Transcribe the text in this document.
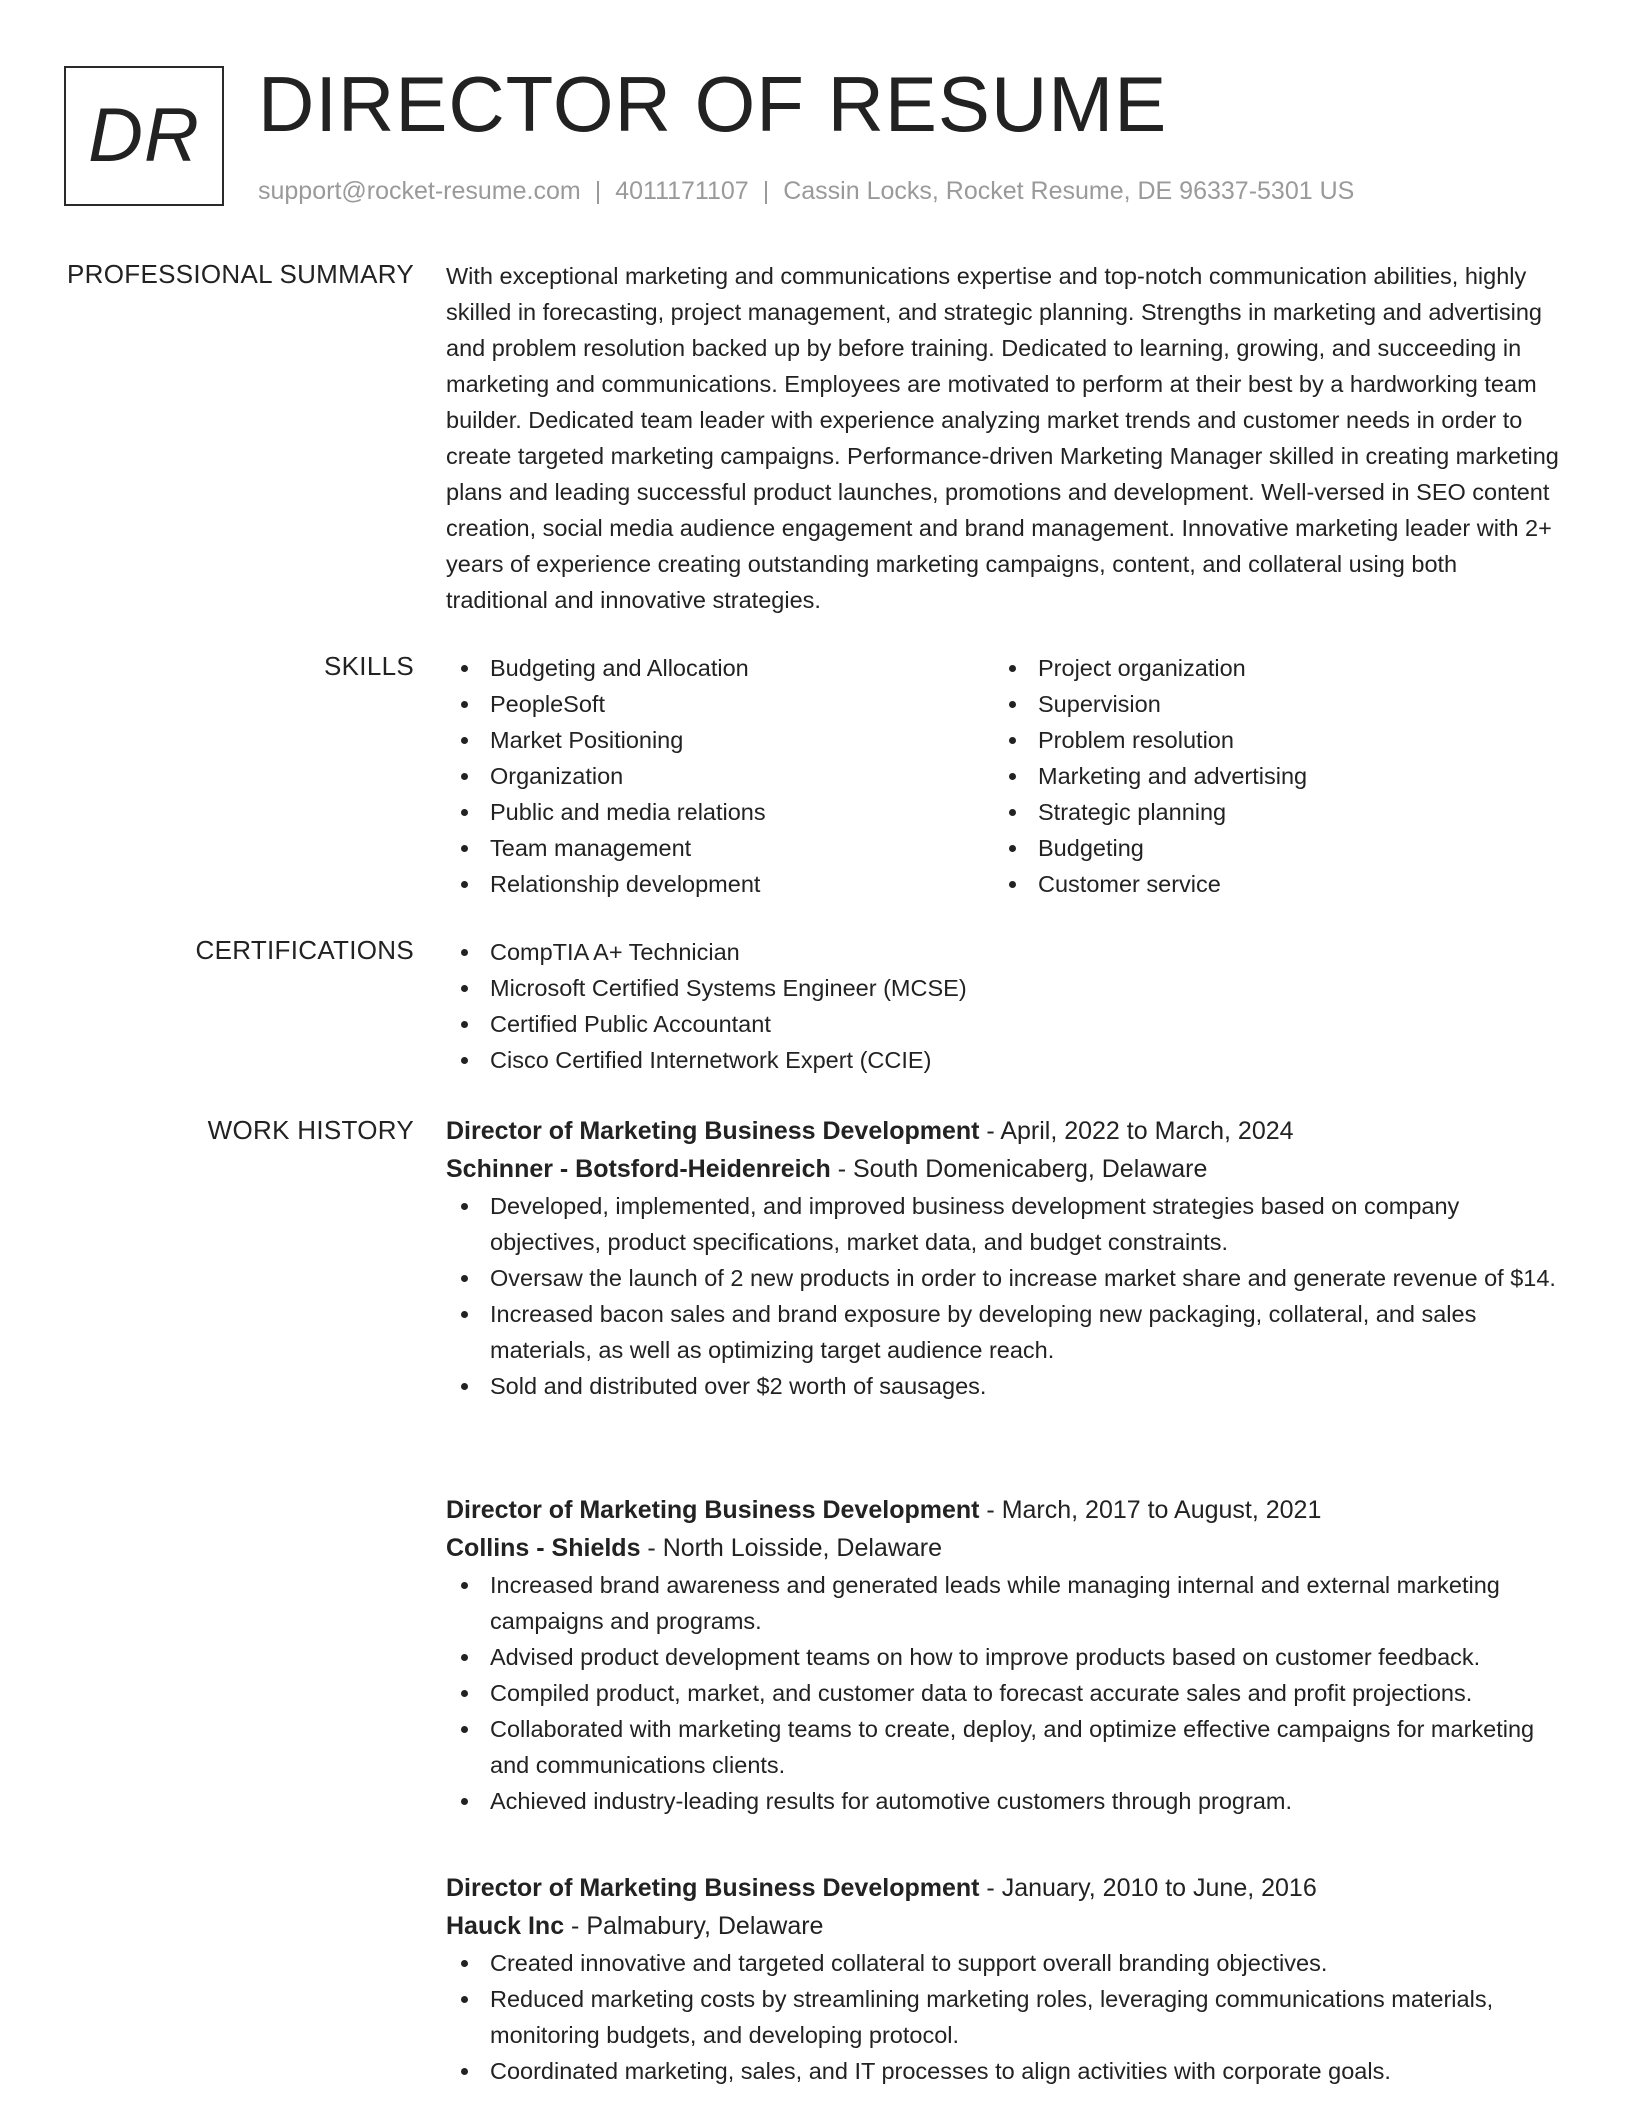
DR DIRECTOR OF RESUME
support@rocket-resume.com | 4011171107 | Cassin Locks, Rocket Resume, DE 96337-5301 US
PROFESSIONAL SUMMARY With exceptional marketing and communications expertise and top-notch communication abilities, highly skilled in forecasting, project management, and strategic planning. Strengths in marketing and advertising and problem resolution backed up by before training. Dedicated to learning, growing, and succeeding in marketing and communications. Employees are motivated to perform at their best by a hardworking team builder. Dedicated team leader with experience analyzing market trends and customer needs in order to create targeted marketing campaigns. Performance-driven Marketing Manager skilled in creating marketing plans and leading successful product launches, promotions and development. Well-versed in SEO content creation, social media audience engagement and brand management. Innovative marketing leader with 2+ years of experience creating outstanding marketing campaigns, content, and collateral using both traditional and innovative strategies.

SKILLS	Budgeting and Allocation
PeopleSoft
Market Positioning
Organization
Public and media relations
Team management
Relationship development
Project organization
Supervision
Problem resolution
Marketing and advertising
Strategic planning
Budgeting
Customer service
CERTIFICATIONS	CompTIA A+ Technician
Microsoft Certified Systems Engineer (MCSE)
Certified Public Accountant
Cisco Certified Internetwork Expert (CCIE)
WORK HISTORY Director of Marketing Business Development - April, 2022 to March, 2024
Schinner - Botsford-Heidenreich - South Domenicaberg, Delaware
Developed, implemented, and improved business development strategies based on company objectives, product specifications, market data, and budget constraints.
Oversaw the launch of 2 new products in order to increase market share and generate revenue of $14.
Increased bacon sales and brand exposure by developing new packaging, collateral, and sales materials, as well as optimizing target audience reach.
Sold and distributed over $2 worth of sausages.
Director of Marketing Business Development - March, 2017 to August, 2021
Collins - Shields - North Loisside, Delaware
Increased brand awareness and generated leads while managing internal and external marketing campaigns and programs.
Advised product development teams on how to improve products based on customer feedback.
Compiled product, market, and customer data to forecast accurate sales and profit projections.
Collaborated with marketing teams to create, deploy, and optimize effective campaigns for marketing and communications clients.
Achieved industry-leading results for automotive customers through program.
Director of Marketing Business Development - January, 2010 to June, 2016
Hauck Inc - Palmabury, Delaware
Created innovative and targeted collateral to support overall branding objectives.
Reduced marketing costs by streamlining marketing roles, leveraging communications materials, monitoring budgets, and developing protocol.
Coordinated marketing, sales, and IT processes to align activities with corporate goals.
